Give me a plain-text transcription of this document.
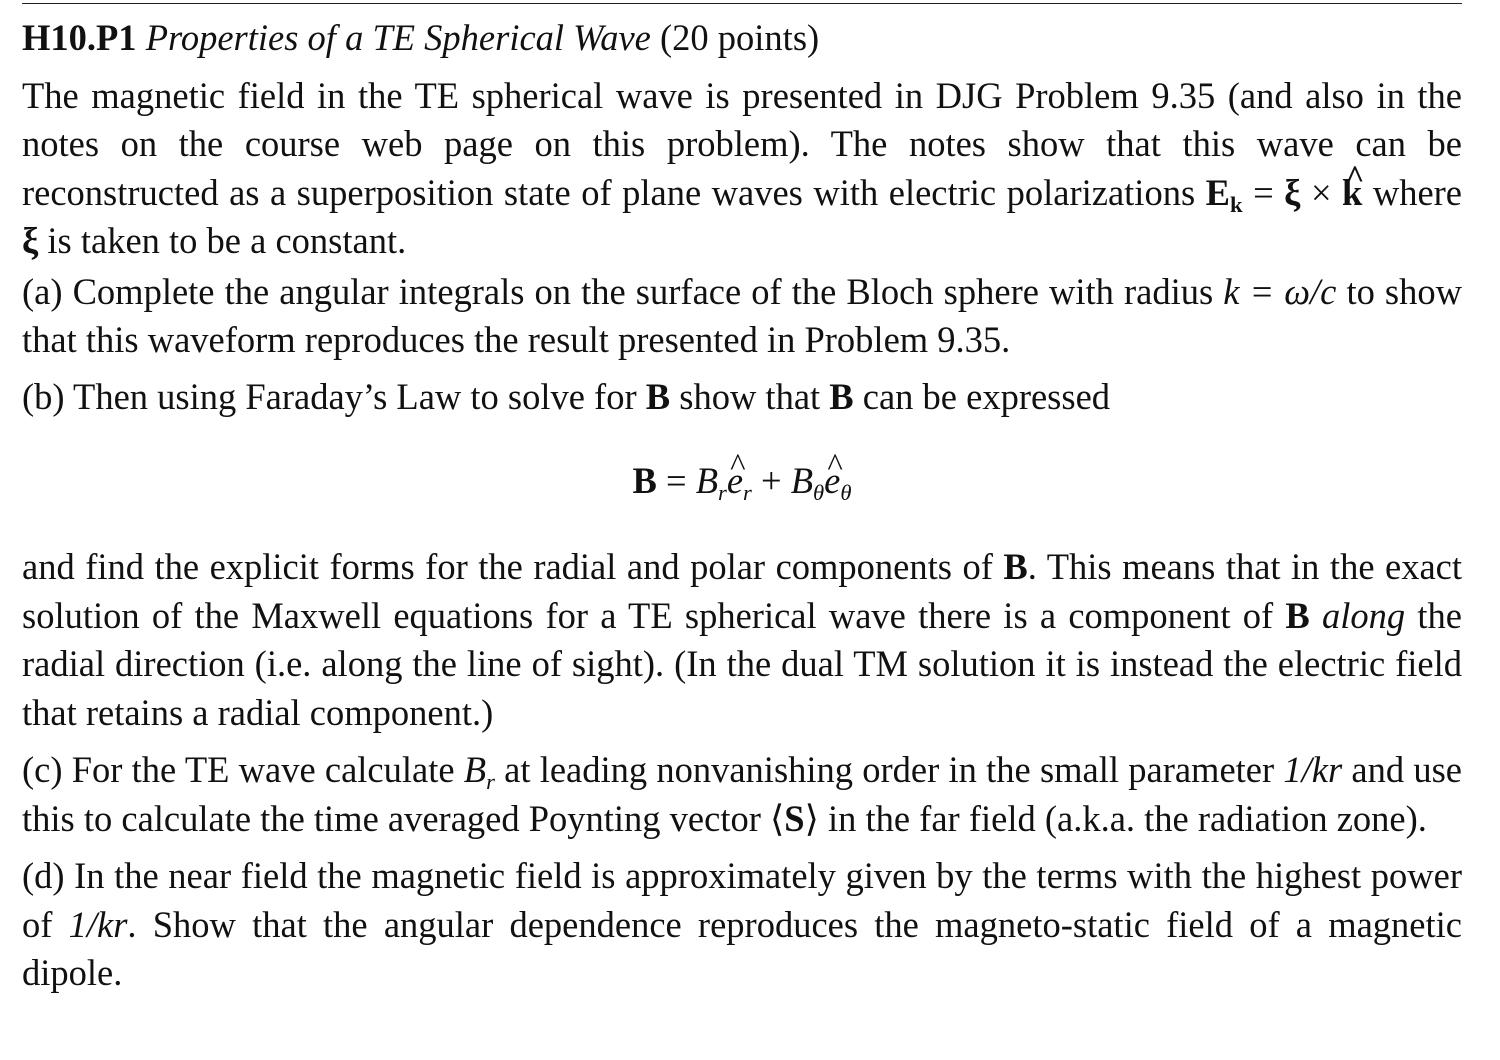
H10.P1 Properties of a TE Spherical Wave (20 points)

The magnetic field in the TE spherical wave is presented in DJG Problem 9.35 (and also in the notes on the course web page on this problem). The notes show that this wave can be reconstructed as a superposition state of plane waves with electric polarizations $E_k = \xi$ × ^ k where ξ is taken to be a constant.

(a) Complete the angular integrals on the surface of the Bloch sphere with radius k = ω/c to show that this waveform reproduces the result presented in Problem 9.35.

(b) Then using Faraday’s Law to solve for B show that B can be expressed

$B = B_r\^{}$ $e_r$ + $B_\theta\^{}$ $e_\theta$

and find the explicit forms for the radial and polar components of B. This means that in the exact solution of the Maxwell equations for a TE spherical wave there is a component of B along the radial direction (i.e. along the line of sight). (In the dual TM solution it is instead the electric field that retains a radial component.)

(c) For the TE wave calculate $B_r$ at leading nonvanishing order in the small parameter 1/kr and use this to calculate the time averaged Poynting vector ⟨S⟩ in the far field (a.k.a. the radiation zone).

(d) In the near field the magnetic field is approximately given by the terms with the highest power of 1/kr. Show that the angular dependence reproduces the magneto-static field of a magnetic dipole.
